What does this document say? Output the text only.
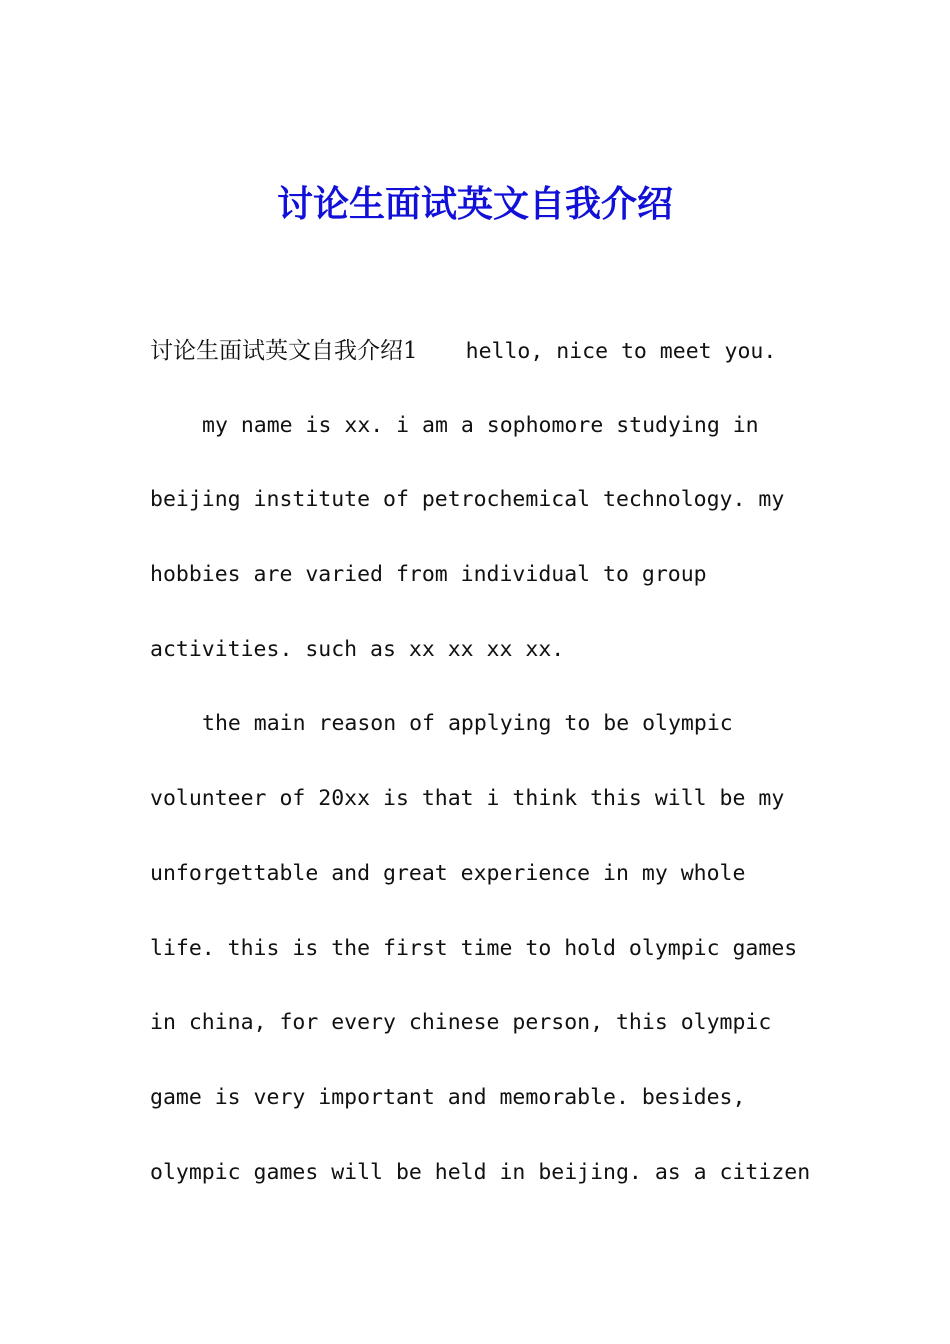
讨论生面试英文自我介绍
讨论生面试英文自我介绍1 hello, nice to meet you.
my name is xx. i am a sophomore studying in
beijing institute of petrochemical technology. my
hobbies are varied from individual to group
activities. such as xx xx xx xx.
the main reason of applying to be olympic
volunteer of 20xx is that i think this will be my
unforgettable and great experience in my whole
life. this is the first time to hold olympic games
in china, for every chinese person, this olympic
game is very important and memorable. besides,
olympic games will be held in beijing. as a citizen
